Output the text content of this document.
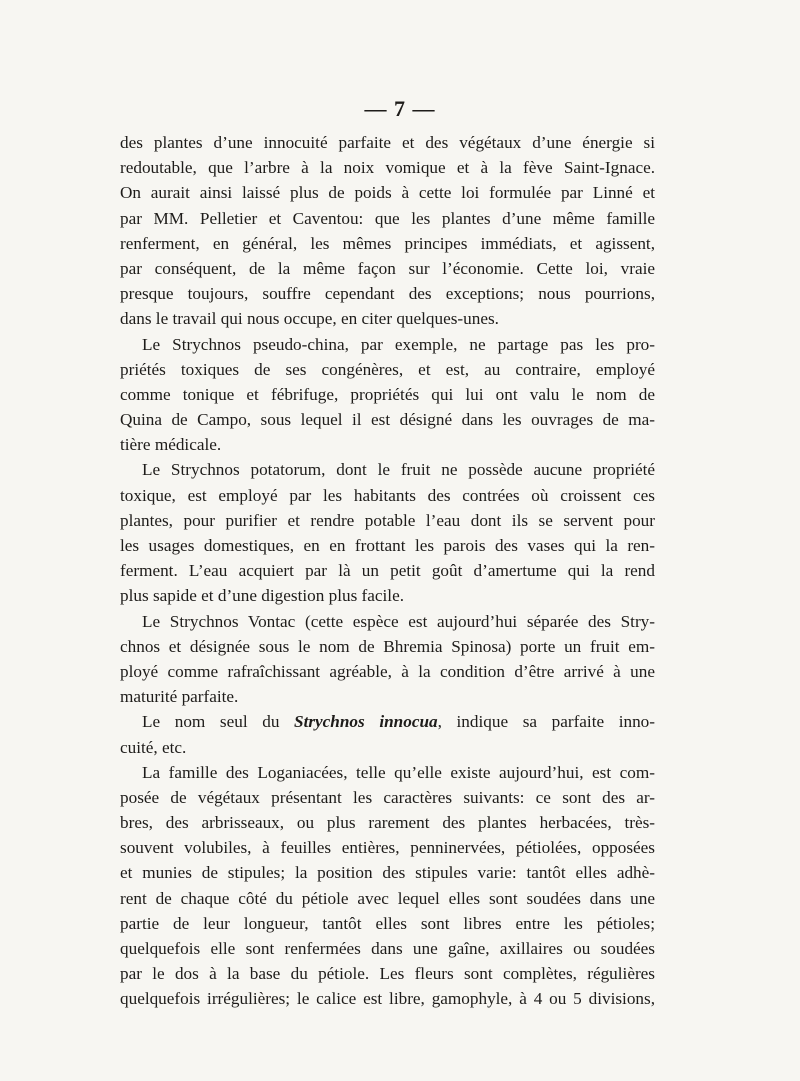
— 7 —
des plantes d’une innocuité parfaite et des végétaux d’une énergie si
redoutable, que l’arbre à la noix vomique et à la fève Saint-Ignace.
On aurait ainsi laissé plus de poids à cette loi formulée par Linné et
par MM. Pelletier et Caventou: que les plantes d’une même famille
renferment, en général, les mêmes principes immédiats, et agissent,
par conséquent, de la même façon sur l’économie. Cette loi, vraie
presque toujours, souffre cependant des exceptions; nous pourrions,
dans le travail qui nous occupe, en citer quelques-unes.
Le Strychnos pseudo-china, par exemple, ne partage pas les pro-
priétés toxiques de ses congénères, et est, au contraire, employé
comme tonique et fébrifuge, propriétés qui lui ont valu le nom de
Quina de Campo, sous lequel il est désigné dans les ouvrages de ma-
tière médicale.
Le Strychnos potatorum, dont le fruit ne possède aucune propriété
toxique, est employé par les habitants des contrées où croissent ces
plantes, pour purifier et rendre potable l’eau dont ils se servent pour
les usages domestiques, en en frottant les parois des vases qui la ren-
ferment. L’eau acquiert par là un petit goût d’amertume qui la rend
plus sapide et d’une digestion plus facile.
Le Strychnos Vontac (cette espèce est aujourd’hui séparée des Stry-
chnos et désignée sous le nom de Bhremia Spinosa) porte un fruit em-
ployé comme rafraîchissant agréable, à la condition d’être arrivé à une
maturité parfaite.
Le nom seul du Strychnos innocua, indique sa parfaite inno-
cuité, etc.
La famille des Loganiacées, telle qu’elle existe aujourd’hui, est com-
posée de végétaux présentant les caractères suivants: ce sont des ar-
bres, des arbrisseaux, ou plus rarement des plantes herbacées, très-
souvent volubiles, à feuilles entières, penninervées, pétiolées, opposées
et munies de stipules; la position des stipules varie: tantôt elles adhè-
rent de chaque côté du pétiole avec lequel elles sont soudées dans une
partie de leur longueur, tantôt elles sont libres entre les pétioles;
quelquefois elle sont renfermées dans une gaîne, axillaires ou soudées
par le dos à la base du pétiole. Les fleurs sont complètes, régulières
quelquefois irrégulières; le calice est libre, gamophyle, à 4 ou 5 divisions,
